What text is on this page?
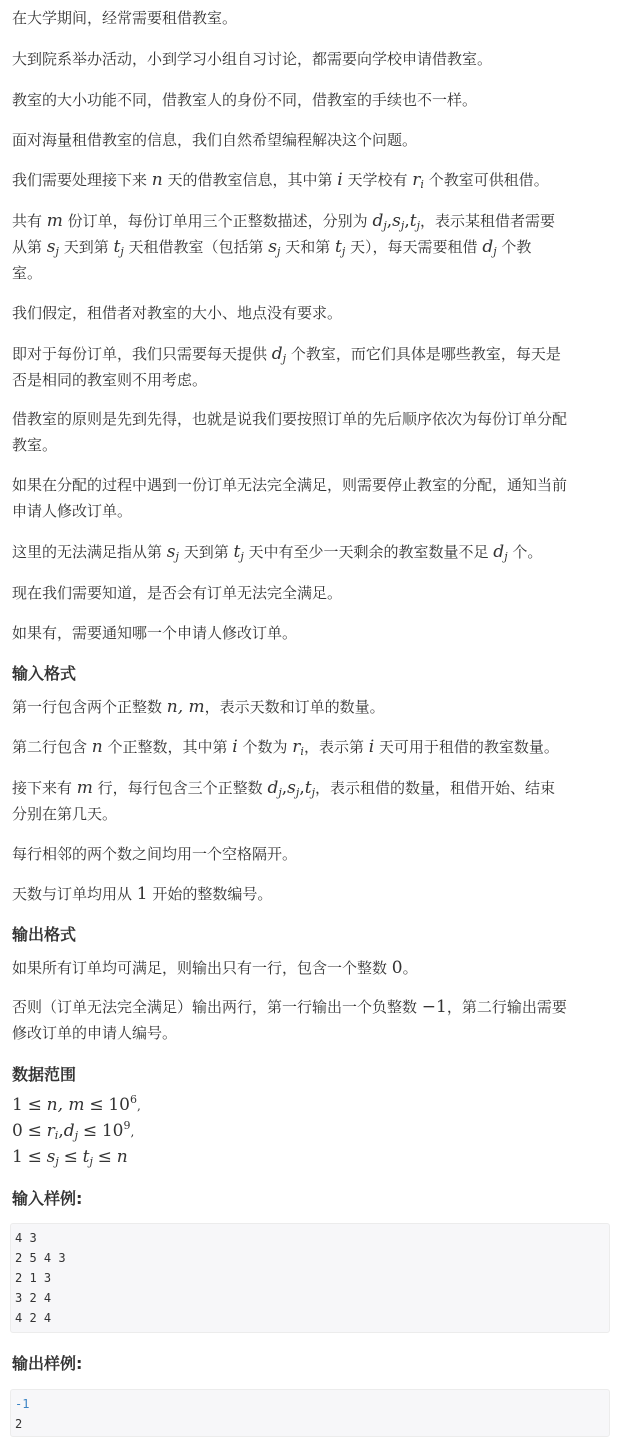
在大学期间，经常需要租借教室。

大到院系举办活动，小到学习小组自习讨论，都需要向学校申请借教室。

教室的大小功能不同，借教室人的身份不同，借教室的手续也不一样。

面对海量租借教室的信息，我们自然希望编程解决这个问题。

我们需要处理接下来 n 天的借教室信息，其中第 i 天学校有 $r_i$ 个教室可供租借。

共有 m 份订单，每份订单用三个正整数描述，分别为 $d_j,s_j,t_j$，表示某租借者需要

从第 $s_j$ 天到第 $t_j$ 天租借教室（包括第 $s_j$ 天和第 $t_j$ 天），每天需要租借 $d_j$ 个教

室。

我们假定，租借者对教室的大小、地点没有要求。

即对于每份订单，我们只需要每天提供 $d_j$ 个教室，而它们具体是哪些教室，每天是

否是相同的教室则不用考虑。

借教室的原则是先到先得，也就是说我们要按照订单的先后顺序依次为每份订单分配

教室。

如果在分配的过程中遇到一份订单无法完全满足，则需要停止教室的分配，通知当前

申请人修改订单。

这里的无法满足指从第 $s_j$ 天到第 $t_j$ 天中有至少一天剩余的教室数量不足 $d_j$ 个。

现在我们需要知道，是否会有订单无法完全满足。

如果有，需要通知哪一个申请人修改订单。

输入格式

第一行包含两个正整数 n, m，表示天数和订单的数量。

第二行包含 n 个正整数，其中第 i 个数为 $r_i$，表示第 i 天可用于租借的教室数量。

接下来有 m 行，每行包含三个正整数 $d_j,s_j,t_j$，表示租借的数量，租借开始、结束

分别在第几天。

每行相邻的两个数之间均用一个空格隔开。

天数与订单均用从 1 开始的整数编号。

输出格式

如果所有订单均可满足，则输出只有一行，包含一个整数 0。

否则（订单无法完全满足）输出两行，第一行输出一个负整数 −1，第二行输出需要

修改订单的申请人编号。

数据范围

1 ≤ n, $m \le 10^6$,

$0 \le r_i,d_j \le 10^9$,

$1 \le s_j \le t_j \le n$

输入样例:
4 3
2 5 4 3
2 1 3
3 2 4
4 2 4
输出样例:
-1
2
